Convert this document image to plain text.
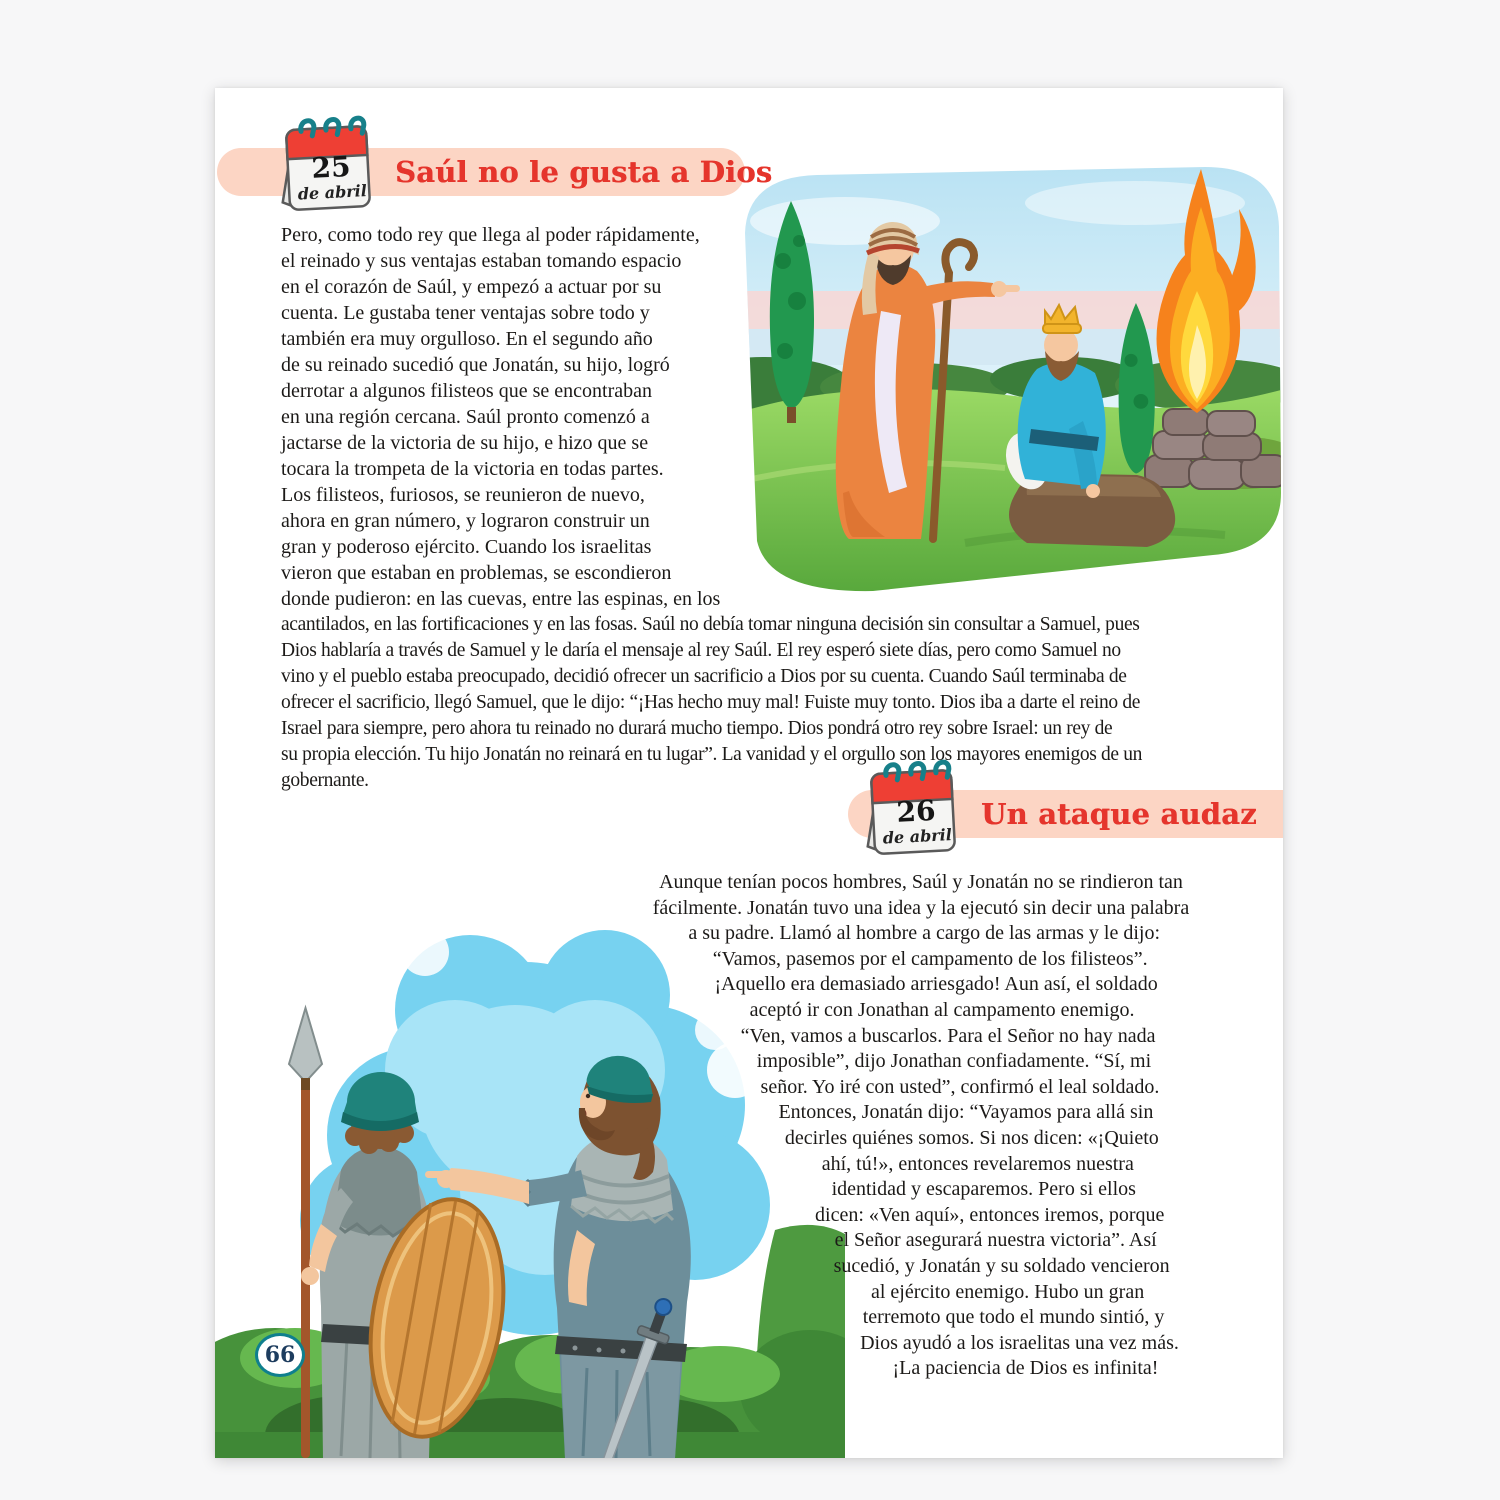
Saúl no le gusta a Dios
25
de abril
Pero, como todo rey que llega al poder rápidamente,
el reinado y sus ventajas estaban tomando espacio
en el corazón de Saúl, y empezó a actuar por su
cuenta. Le gustaba tener ventajas sobre todo y
también era muy orgulloso. En el segundo año
de su reinado sucedió que Jonatán, su hijo, logró
derrotar a algunos filisteos que se encontraban
en una región cercana. Saúl pronto comenzó a
jactarse de la victoria de su hijo, e hizo que se
tocara la trompeta de la victoria en todas partes.
Los filisteos, furiosos, se reunieron de nuevo,
ahora en gran número, y lograron construir un
gran y poderoso ejército. Cuando los israelitas
vieron que estaban en problemas, se escondieron
donde pudieron: en las cuevas, entre las espinas, en los
acantilados, en las fortificaciones y en las fosas. Saúl no debía tomar ninguna decisión sin consultar a Samuel, pues
Dios hablaría a través de Samuel y le daría el mensaje al rey Saúl. El rey esperó siete días, pero como Samuel no
vino y el pueblo estaba preocupado, decidió ofrecer un sacrificio a Dios por su cuenta. Cuando Saúl terminaba de
ofrecer el sacrificio, llegó Samuel, que le dijo: “¡Has hecho muy mal! Fuiste muy tonto. Dios iba a darte el reino de
Israel para siempre, pero ahora tu reinado no durará mucho tiempo. Dios pondrá otro rey sobre Israel: un rey de
su propia elección. Tu hijo Jonatán no reinará en tu lugar”. La vanidad y el orgullo son los mayores enemigos de un
gobernante.
Un ataque audaz
26
de abril
Aunque tenían pocos hombres, Saúl y Jonatán no se rindieron tan
fácilmente. Jonatán tuvo una idea y la ejecutó sin decir una palabra
a su padre. Llamó al hombre a cargo de las armas y le dijo:
“Vamos, pasemos por el campamento de los filisteos”.
¡Aquello era demasiado arriesgado! Aun así, el soldado
aceptó ir con Jonathan al campamento enemigo.
“Ven, vamos a buscarlos. Para el Señor no hay nada
imposible”, dijo Jonathan confiadamente. “Sí, mi
señor. Yo iré con usted”, confirmó el leal soldado.
Entonces, Jonatán dijo: “Vayamos para allá sin
decirles quiénes somos. Si nos dicen: «¡Quieto
ahí, tú!», entonces revelaremos nuestra
identidad y escaparemos. Pero si ellos
dicen: «Ven aquí», entonces iremos, porque
el Señor asegurará nuestra victoria”. Así
sucedió, y Jonatán y su soldado vencieron
al ejército enemigo. Hubo un gran
terremoto que todo el mundo sintió, y
Dios ayudó a los israelitas una vez más.
¡La paciencia de Dios es infinita!
66
